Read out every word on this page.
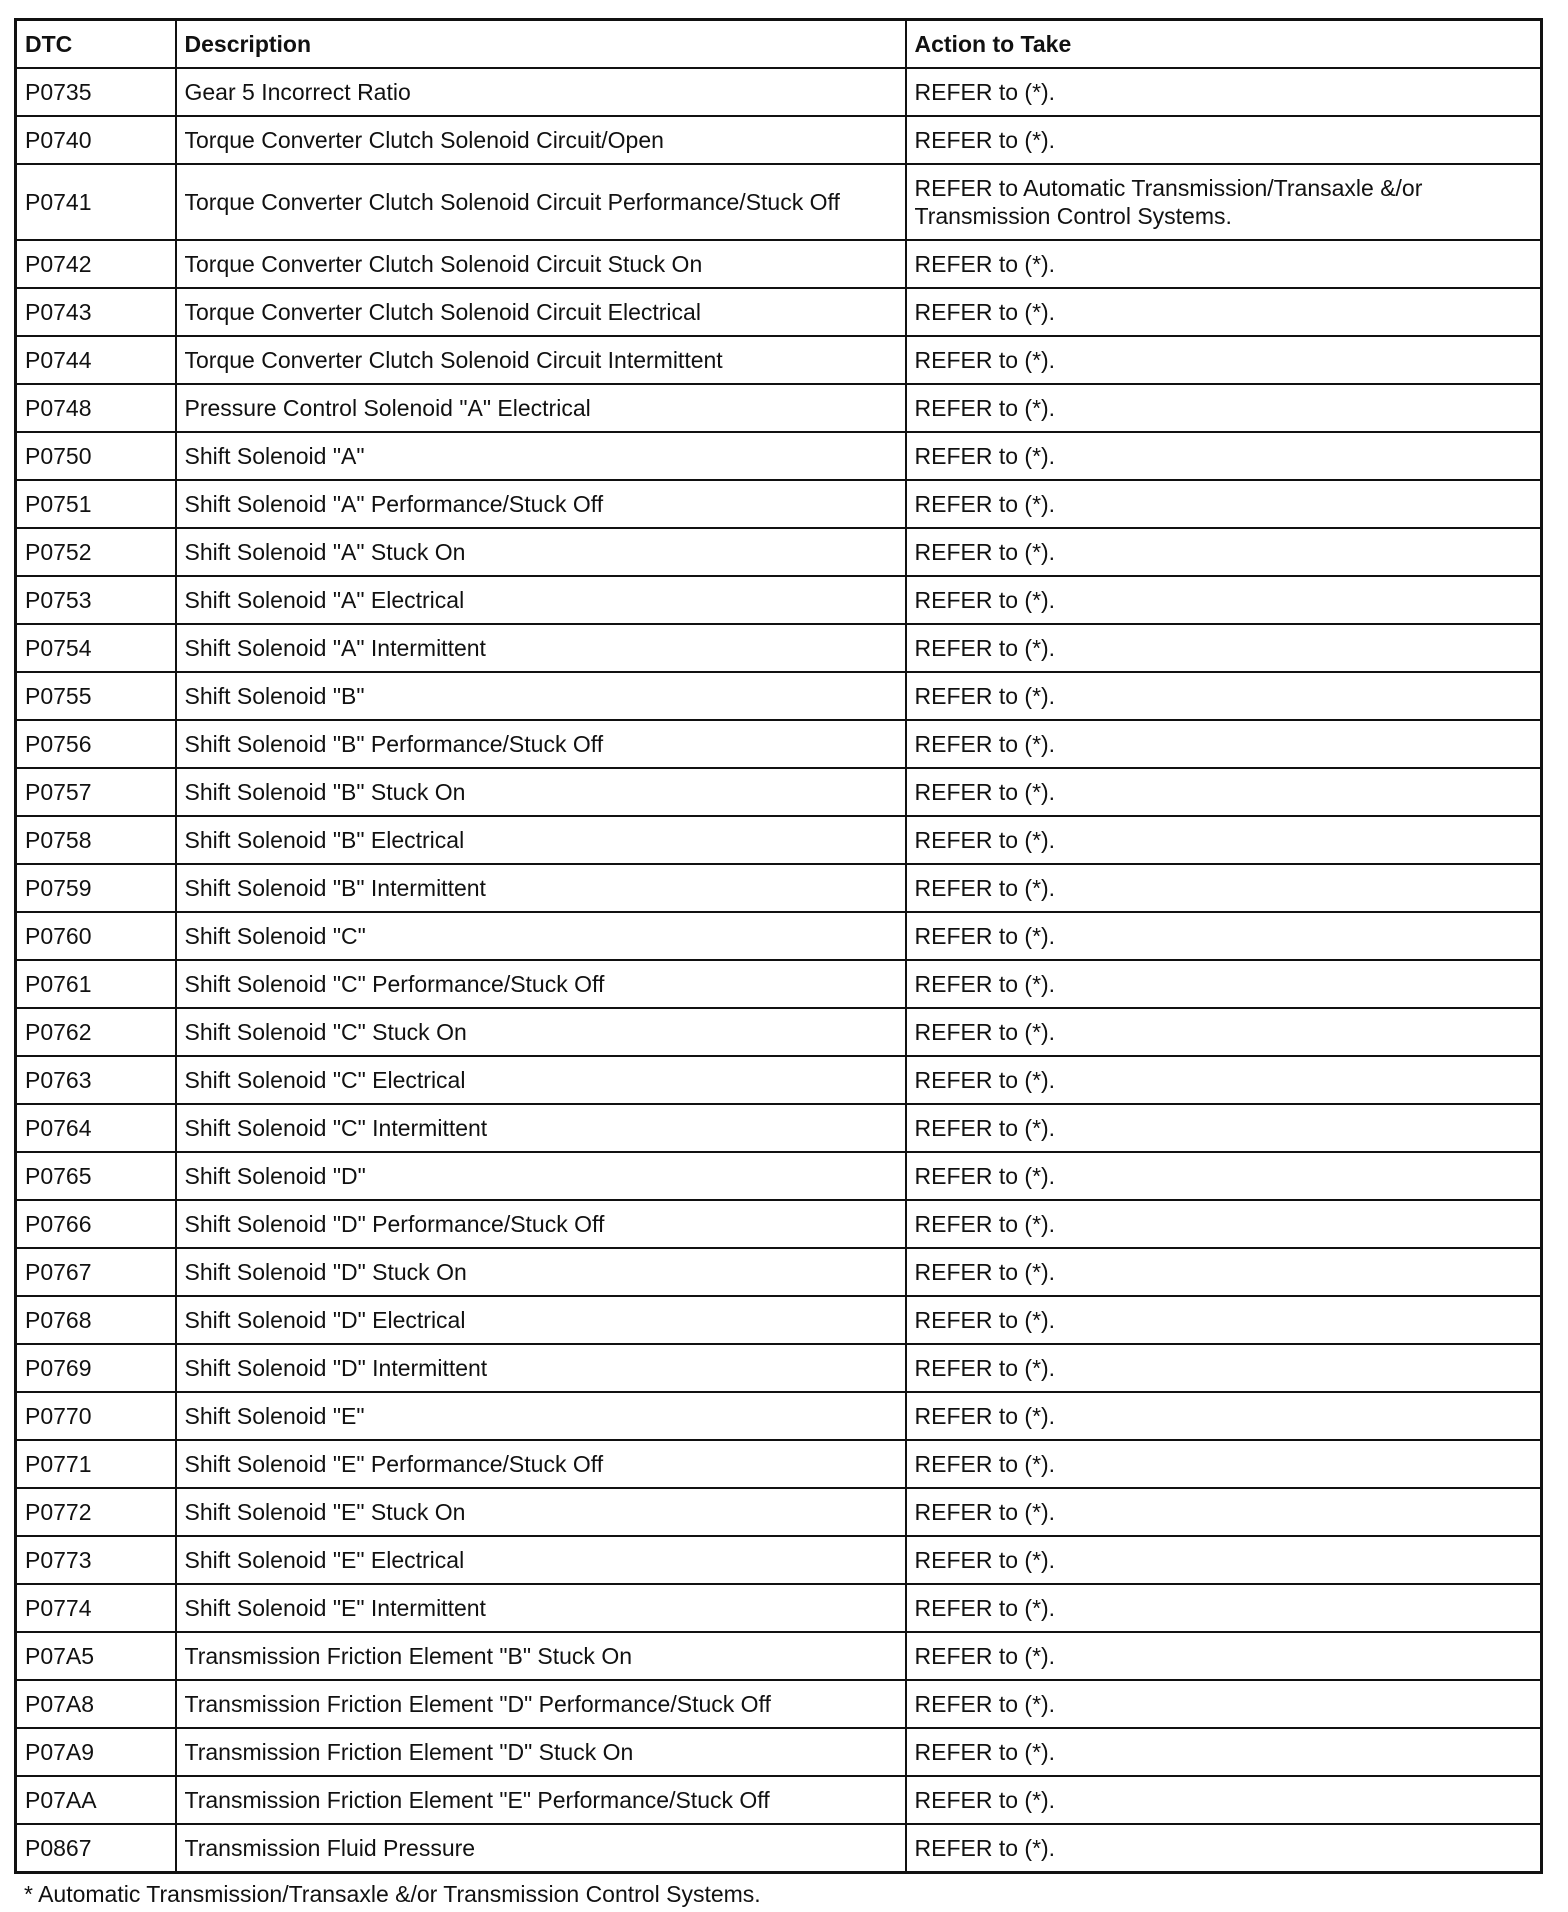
DTC	Description	Action to Take
P0735	Gear 5 Incorrect Ratio	REFER to (*).
P0740	Torque Converter Clutch Solenoid Circuit/Open	REFER to (*).
P0741	Torque Converter Clutch Solenoid Circuit Performance/Stuck Off	REFER to Automatic Transmission/Transaxle &/or Transmission Control Systems.
P0742	Torque Converter Clutch Solenoid Circuit Stuck On	REFER to (*).
P0743	Torque Converter Clutch Solenoid Circuit Electrical	REFER to (*).
P0744	Torque Converter Clutch Solenoid Circuit Intermittent	REFER to (*).
P0748	Pressure Control Solenoid "A" Electrical	REFER to (*).
P0750	Shift Solenoid "A"	REFER to (*).
P0751	Shift Solenoid "A" Performance/Stuck Off	REFER to (*).
P0752	Shift Solenoid "A" Stuck On	REFER to (*).
P0753	Shift Solenoid "A" Electrical	REFER to (*).
P0754	Shift Solenoid "A" Intermittent	REFER to (*).
P0755	Shift Solenoid "B"	REFER to (*).
P0756	Shift Solenoid "B" Performance/Stuck Off	REFER to (*).
P0757	Shift Solenoid "B" Stuck On	REFER to (*).
P0758	Shift Solenoid "B" Electrical	REFER to (*).
P0759	Shift Solenoid "B" Intermittent	REFER to (*).
P0760	Shift Solenoid "C"	REFER to (*).
P0761	Shift Solenoid "C" Performance/Stuck Off	REFER to (*).
P0762	Shift Solenoid "C" Stuck On	REFER to (*).
P0763	Shift Solenoid "C" Electrical	REFER to (*).
P0764	Shift Solenoid "C" Intermittent	REFER to (*).
P0765	Shift Solenoid "D"	REFER to (*).
P0766	Shift Solenoid "D" Performance/Stuck Off	REFER to (*).
P0767	Shift Solenoid "D" Stuck On	REFER to (*).
P0768	Shift Solenoid "D" Electrical	REFER to (*).
P0769	Shift Solenoid "D" Intermittent	REFER to (*).
P0770	Shift Solenoid "E"	REFER to (*).
P0771	Shift Solenoid "E" Performance/Stuck Off	REFER to (*).
P0772	Shift Solenoid "E" Stuck On	REFER to (*).
P0773	Shift Solenoid "E" Electrical	REFER to (*).
P0774	Shift Solenoid "E" Intermittent	REFER to (*).
P07A5	Transmission Friction Element "B" Stuck On	REFER to (*).
P07A8	Transmission Friction Element "D" Performance/Stuck Off	REFER to (*).
P07A9	Transmission Friction Element "D" Stuck On	REFER to (*).
P07AA	Transmission Friction Element "E" Performance/Stuck Off	REFER to (*).
P0867	Transmission Fluid Pressure	REFER to (*).
* Automatic Transmission/Transaxle &/or Transmission Control Systems.
